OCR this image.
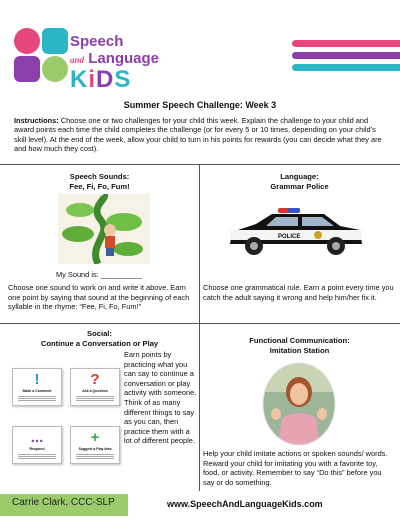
Speech
and Language
KiDS
Summer Speech Challenge: Week 3
Instructions: Choose one or two challenges for your child this week. Explain the challenge to your child and award points each time the child completes the challenge (or for every 5 or 10 times, depending on your child’s skill level). At the end of the week, allow your child to turn in his points for rewards (you can decide what they are and how much they cost).
Speech Sounds:
Fee, Fi, Fo, Fum!
My Sound is: __________
Choose one sound to work on and write it above. Earn one point by saying that sound at the beginning of each syllable in the rhyme: “Fee, Fi, Fo, Fum!”
Language:
Grammar Police
POLICE
Choose one grammatical rule. Earn a point every time you catch the adult saying it wrong and help him/her fix it.
Social:
Continue a Conversation or Play
!
Make a Comment
?
Ask a Question
...
Respond
+
Suggest a Play Idea
Earn points by practicing what you can say to continue a conversation or play activity with someone. Think of as many different things to say as you can, then practice them with a lot of different people.
Functional Communication:
Imitation Station
Help your child imitate actions or spoken sounds/ words. Reward your child for imitating you with a favorite toy, food, or activity. Remember to say “Do this” before you say or do something.
Carrie Clark, CCC-SLP	www.SpeechAndLanguageKids.com
